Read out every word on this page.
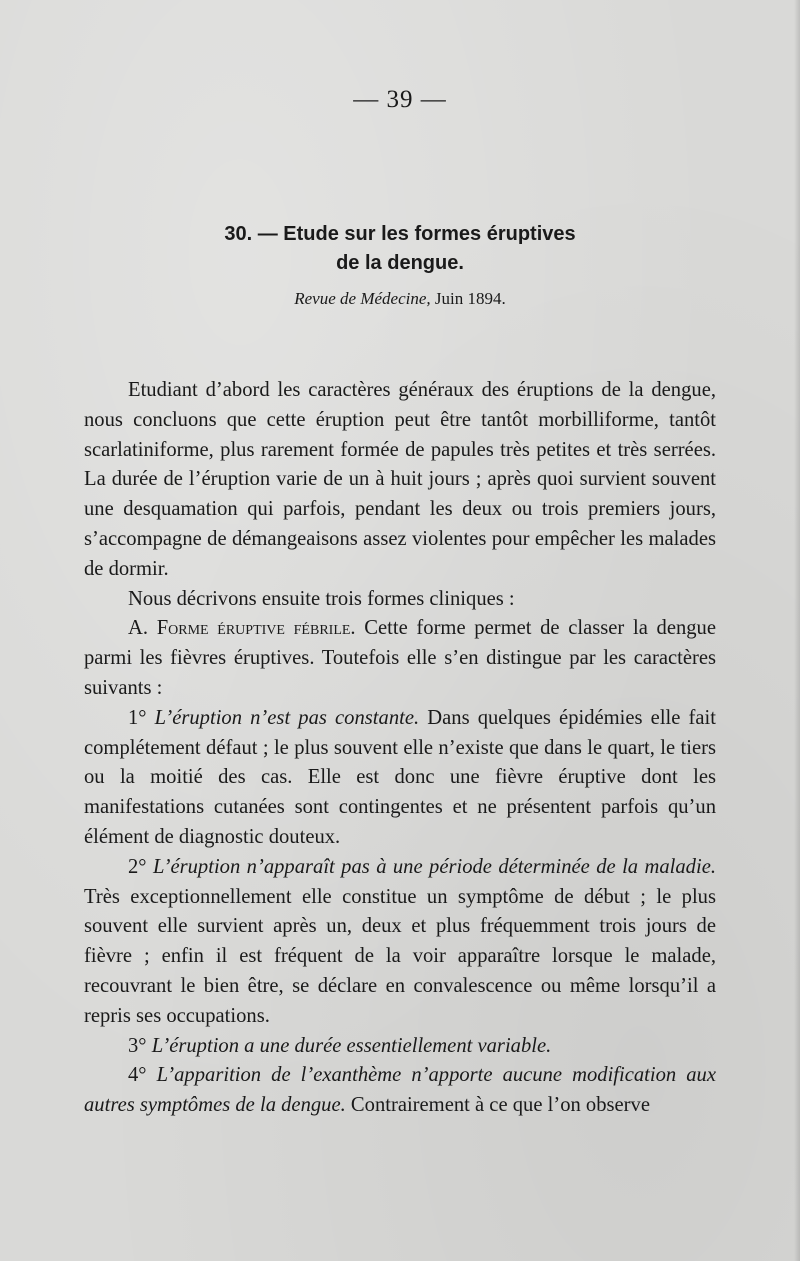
— 39 —
30. — Etude sur les formes éruptives
de la dengue.
Revue de Médecine, Juin 1894.

Etudiant d’abord les caractères généraux des éruptions de la dengue, nous concluons que cette éruption peut être tantôt morbilliforme, tantôt scarlatiniforme, plus rarement formée de papules très petites et très serrées. La durée de l’éruption varie de un à huit jours ; après quoi survient souvent une desquamation qui parfois, pendant les deux ou trois premiers jours, s’accompagne de démangeaisons assez violentes pour empêcher les malades de dormir.

Nous décrivons ensuite trois formes cliniques :

A. Forme éruptive fébrile. Cette forme permet de classer la dengue parmi les fièvres éruptives. Toutefois elle s’en distingue par les caractères suivants :

1° L’éruption n’est pas constante. Dans quelques épidémies elle fait complétement défaut ; le plus souvent elle n’existe que dans le quart, le tiers ou la moitié des cas. Elle est donc une fièvre éruptive dont les manifestations cutanées sont contingentes et ne présentent parfois qu’un élément de diagnostic douteux.

2° L’éruption n’apparaît pas à une période déterminée de la maladie. Très exceptionnellement elle constitue un symptôme de début ; le plus souvent elle survient après un, deux et plus fréquemment trois jours de fièvre ; enfin il est fréquent de la voir apparaître lorsque le malade, recouvrant le bien être, se déclare en convalescence ou même lorsqu’il a repris ses occupations.

3° L’éruption a une durée essentiellement variable.

4° L’apparition de l’exanthème n’apporte aucune modification aux autres symptômes de la dengue. Contrairement à ce que l’on observe
